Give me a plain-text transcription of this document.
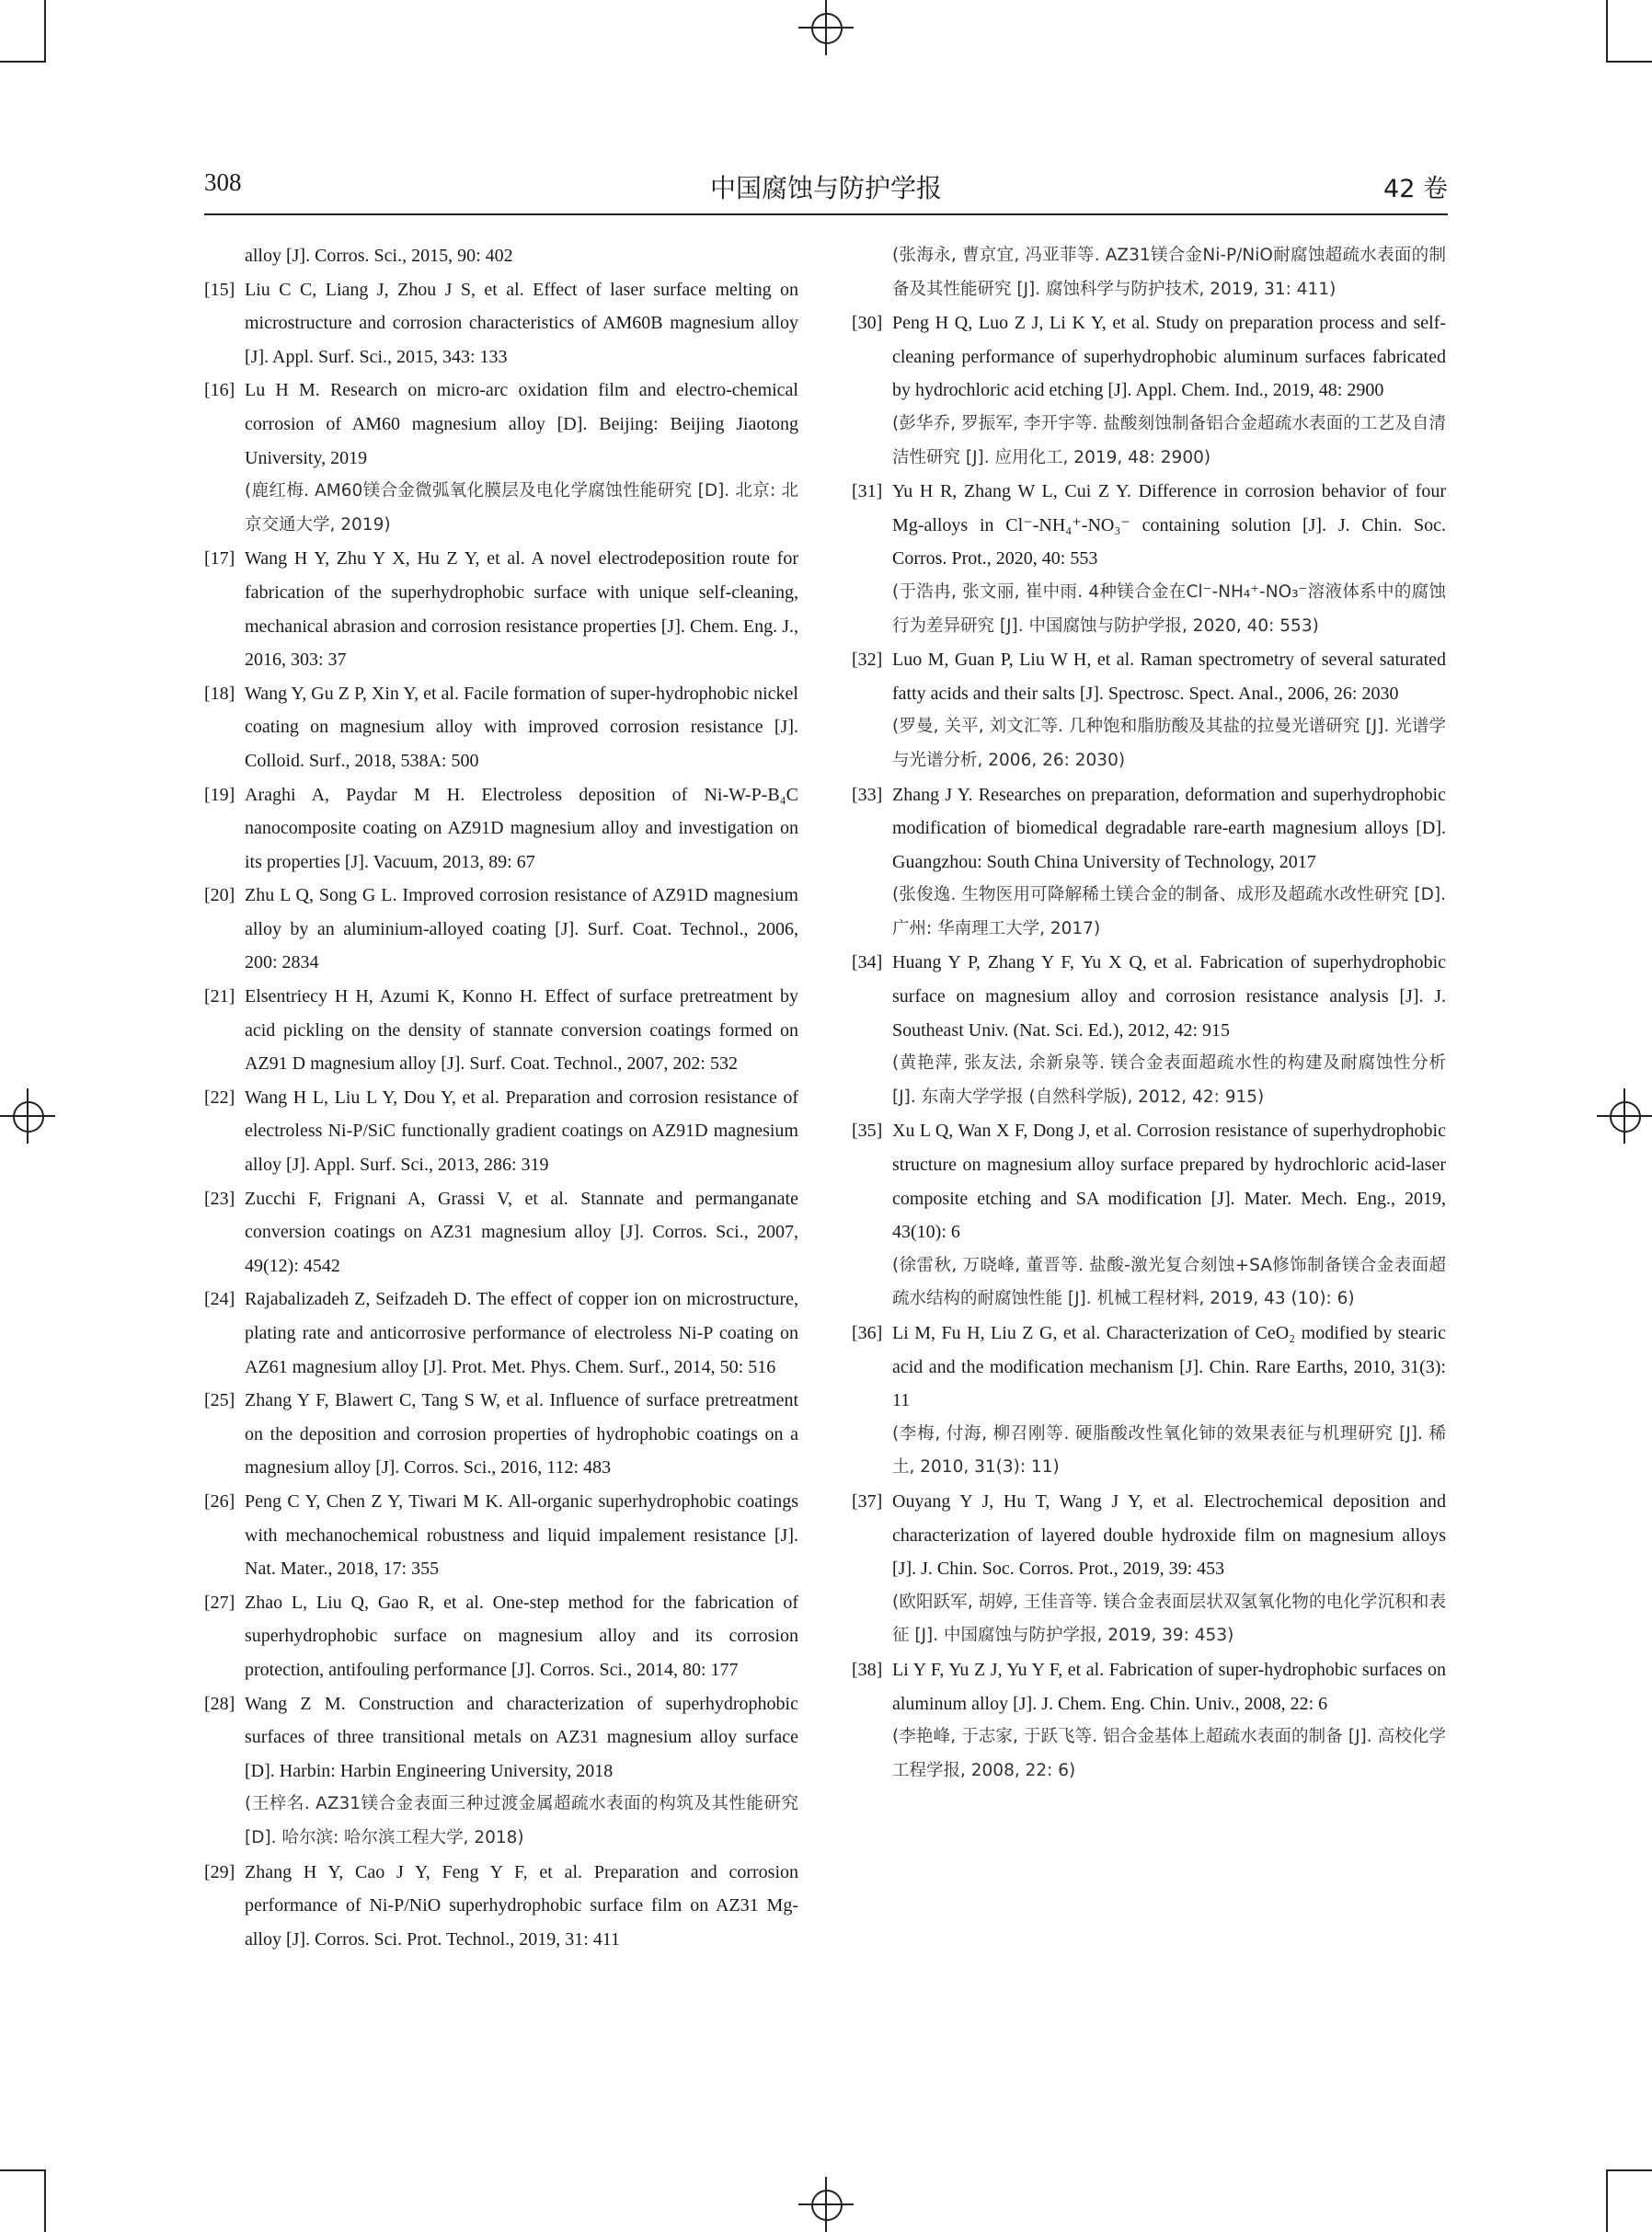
308	中国腐蚀与防护学报	42 卷
alloy [J]. Corros. Sci., 2015, 90: 402
[15] Liu C C, Liang J, Zhou J S, et al. Effect of laser surface melting on microstructure and corrosion characteristics of AM60B magnesium alloy [J]. Appl. Surf. Sci., 2015, 343: 133
[16] Lu H M. Research on micro-arc oxidation film and electro-chemical corrosion of AM60 magnesium alloy [D]. Beijing: Beijing Jiaotong University, 2019
(鹿红梅. AM60镁合金微弧氧化膜层及电化学腐蚀性能研究 [D]. 北京: 北京交通大学, 2019)
[17] Wang H Y, Zhu Y X, Hu Z Y, et al. A novel electrodeposition route for fabrication of the superhydrophobic surface with unique self-cleaning, mechanical abrasion and corrosion resistance properties [J]. Chem. Eng. J., 2016, 303: 37
[18] Wang Y, Gu Z P, Xin Y, et al. Facile formation of super-hydrophobic nickel coating on magnesium alloy with improved corrosion resistance [J]. Colloid. Surf., 2018, 538A: 500
[19] Araghi A, Paydar M H. Electroless deposition of Ni-W-P-B₄C nanocomposite coating on AZ91D magnesium alloy and investigation on its properties [J]. Vacuum, 2013, 89: 67
[20] Zhu L Q, Song G L. Improved corrosion resistance of AZ91D magnesium alloy by an aluminium-alloyed coating [J]. Surf. Coat. Technol., 2006, 200: 2834
[21] Elsentriecy H H, Azumi K, Konno H. Effect of surface pretreatment by acid pickling on the density of stannate conversion coatings formed on AZ91 D magnesium alloy [J]. Surf. Coat. Technol., 2007, 202: 532
[22] Wang H L, Liu L Y, Dou Y, et al. Preparation and corrosion resistance of electroless Ni-P/SiC functionally gradient coatings on AZ91D magnesium alloy [J]. Appl. Surf. Sci., 2013, 286: 319
[23] Zucchi F, Frignani A, Grassi V, et al. Stannate and permanganate conversion coatings on AZ31 magnesium alloy [J]. Corros. Sci., 2007, 49(12): 4542
[24] Rajabalizadeh Z, Seifzadeh D. The effect of copper ion on microstructure, plating rate and anticorrosive performance of electroless Ni-P coating on AZ61 magnesium alloy [J]. Prot. Met. Phys. Chem. Surf., 2014, 50: 516
[25] Zhang Y F, Blawert C, Tang S W, et al. Influence of surface pretreatment on the deposition and corrosion properties of hydrophobic coatings on a magnesium alloy [J]. Corros. Sci., 2016, 112: 483
[26] Peng C Y, Chen Z Y, Tiwari M K. All-organic superhydrophobic coatings with mechanochemical robustness and liquid impalement resistance [J]. Nat. Mater., 2018, 17: 355
[27] Zhao L, Liu Q, Gao R, et al. One-step method for the fabrication of superhydrophobic surface on magnesium alloy and its corrosion protection, antifouling performance [J]. Corros. Sci., 2014, 80: 177
[28] Wang Z M. Construction and characterization of superhydrophobic surfaces of three transitional metals on AZ31 magnesium alloy surface [D]. Harbin: Harbin Engineering University, 2018
(王梓名. AZ31镁合金表面三种过渡金属超疏水表面的构筑及其性能研究 [D]. 哈尔滨: 哈尔滨工程大学, 2018)
[29] Zhang H Y, Cao J Y, Feng Y F, et al. Preparation and corrosion performance of Ni-P/NiO superhydrophobic surface film on AZ31 Mg-alloy [J]. Corros. Sci. Prot. Technol., 2019, 31: 411
(张海永, 曹京宜, 冯亚菲等. AZ31镁合金Ni-P/NiO耐腐蚀超疏水表面的制备及其性能研究 [J]. 腐蚀科学与防护技术, 2019, 31: 411)
[30] Peng H Q, Luo Z J, Li K Y, et al. Study on preparation process and self-cleaning performance of superhydrophobic aluminum surfaces fabricated by hydrochloric acid etching [J]. Appl. Chem. Ind., 2019, 48: 2900
(彭华乔, 罗振军, 李开宇等. 盐酸刻蚀制备铝合金超疏水表面的工艺及自清洁性研究 [J]. 应用化工, 2019, 48: 2900)
[31] Yu H R, Zhang W L, Cui Z Y. Difference in corrosion behavior of four Mg-alloys in Cl⁻-NH₄⁺-NO₃⁻ containing solution [J]. J. Chin. Soc. Corros. Prot., 2020, 40: 553
(于浩冉, 张文丽, 崔中雨. 4种镁合金在Cl⁻-NH₄⁺-NO₃⁻溶液体系中的腐蚀行为差异研究 [J]. 中国腐蚀与防护学报, 2020, 40: 553)
[32] Luo M, Guan P, Liu W H, et al. Raman spectrometry of several saturated fatty acids and their salts [J]. Spectrosc. Spect. Anal., 2006, 26: 2030
(罗曼, 关平, 刘文汇等. 几种饱和脂肪酸及其盐的拉曼光谱研究 [J]. 光谱学与光谱分析, 2006, 26: 2030)
[33] Zhang J Y. Researches on preparation, deformation and superhydrophobic modification of biomedical degradable rare-earth magnesium alloys [D]. Guangzhou: South China University of Technology, 2017
(张俊逸. 生物医用可降解稀土镁合金的制备、成形及超疏水改性研究 [D]. 广州: 华南理工大学, 2017)
[34] Huang Y P, Zhang Y F, Yu X Q, et al. Fabrication of superhydrophobic surface on magnesium alloy and corrosion resistance analysis [J]. J. Southeast Univ. (Nat. Sci. Ed.), 2012, 42: 915
(黄艳萍, 张友法, 余新泉等. 镁合金表面超疏水性的构建及耐腐蚀性分析 [J]. 东南大学学报 (自然科学版), 2012, 42: 915)
[35] Xu L Q, Wan X F, Dong J, et al. Corrosion resistance of superhydrophobic structure on magnesium alloy surface prepared by hydrochloric acid-laser composite etching and SA modification [J]. Mater. Mech. Eng., 2019, 43(10): 6
(徐雷秋, 万晓峰, 董晋等. 盐酸-激光复合刻蚀+SA修饰制备镁合金表面超疏水结构的耐腐蚀性能 [J]. 机械工程材料, 2019, 43 (10): 6)
[36] Li M, Fu H, Liu Z G, et al. Characterization of CeO₂ modified by stearic acid and the modification mechanism [J]. Chin. Rare Earths, 2010, 31(3): 11
(李梅, 付海, 柳召刚等. 硬脂酸改性氧化铈的效果表征与机理研究 [J]. 稀土, 2010, 31(3): 11)
[37] Ouyang Y J, Hu T, Wang J Y, et al. Electrochemical deposition and characterization of layered double hydroxide film on magnesium alloys [J]. J. Chin. Soc. Corros. Prot., 2019, 39: 453
(欧阳跃军, 胡婷, 王佳音等. 镁合金表面层状双氢氧化物的电化学沉积和表征 [J]. 中国腐蚀与防护学报, 2019, 39: 453)
[38] Li Y F, Yu Z J, Yu Y F, et al. Fabrication of super-hydrophobic surfaces on aluminum alloy [J]. J. Chem. Eng. Chin. Univ., 2008, 22: 6
(李艳峰, 于志家, 于跃飞等. 铝合金基体上超疏水表面的制备 [J]. 高校化学工程学报, 2008, 22: 6)
